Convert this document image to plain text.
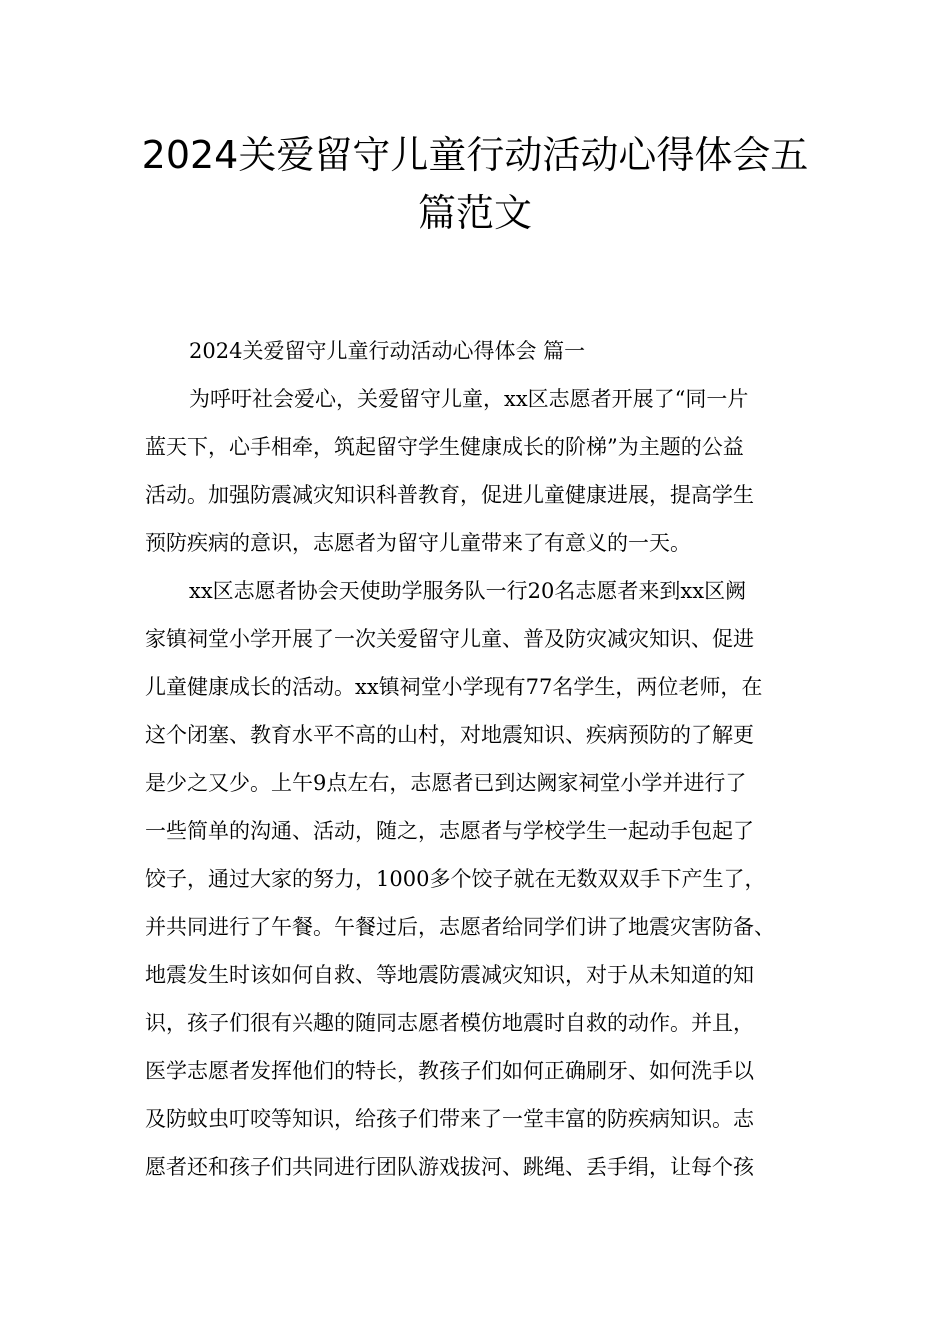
2024关爱留守儿童行动活动心得体会五
篇范文
2024关爱留守儿童行动活动心得体会 篇一
为呼吁社会爱心，关爱留守儿童，xx区志愿者开展了“同一片
蓝天下，心手相牵，筑起留守学生健康成长的阶梯”为主题的公益
活动。加强防震减灾知识科普教育，促进儿童健康进展，提高学生
预防疾病的意识，志愿者为留守儿童带来了有意义的一天。
xx区志愿者协会天使助学服务队一行20名志愿者来到xx区阙
家镇祠堂小学开展了一次关爱留守儿童、普及防灾减灾知识、促进
儿童健康成长的活动。xx镇祠堂小学现有77名学生，两位老师，在
这个闭塞、教育水平不高的山村，对地震知识、疾病预防的了解更
是少之又少。上午9点左右，志愿者已到达阙家祠堂小学并进行了
一些简单的沟通、活动，随之，志愿者与学校学生一起动手包起了
饺子，通过大家的努力，1000多个饺子就在无数双双手下产生了，
并共同进行了午餐。午餐过后，志愿者给同学们讲了地震灾害防备、
地震发生时该如何自救、等地震防震减灾知识，对于从未知道的知
识，孩子们很有兴趣的随同志愿者模仿地震时自救的动作。并且，
医学志愿者发挥他们的特长，教孩子们如何正确刷牙、如何洗手以
及防蚊虫叮咬等知识，给孩子们带来了一堂丰富的防疾病知识。志
愿者还和孩子们共同进行团队游戏拔河、跳绳、丢手绢，让每个孩
